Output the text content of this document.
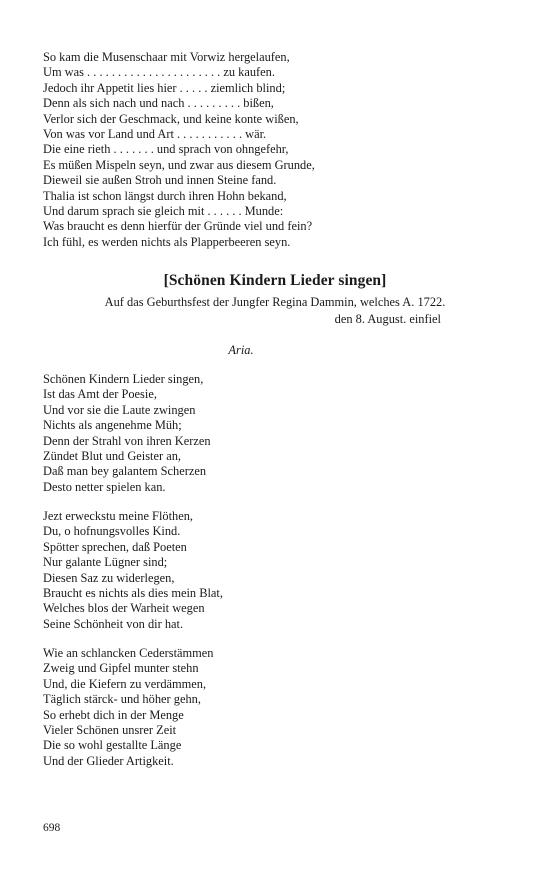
So kam die Musenschaar mit Vorwiz hergelaufen,
Um was . . . . . . . . . . . . . . . . . . . . . . zu kaufen.
Jedoch ihr Appetit lies hier . . . . . ziemlich blind;
Denn als sich nach und nach . . . . . . . . . bißen,
Verlor sich der Geschmack, und keine konte wißen,
Von was vor Land und Art . . . . . . . . . . . wär.
Die eine rieth . . . . . . . und sprach von ohngefehr,
Es müßen Mispeln seyn, und zwar aus diesem Grunde,
Dieweil sie außen Stroh und innen Steine fand.
Thalia ist schon längst durch ihren Hohn bekand,
Und darum sprach sie gleich mit . . . . . . Munde:
Was braucht es denn hierfür der Gründe viel und fein?
Ich fühl, es werden nichts als Plapperbeeren seyn.
[Schönen Kindern Lieder singen]
Auf das Geburthsfest der Jungfer Regina Dammin, welches A. 1722.
den 8. August. einfiel
Aria.
Schönen Kindern Lieder singen,
Ist das Amt der Poesie,
Und vor sie die Laute zwingen
Nichts als angenehme Müh;
Denn der Strahl von ihren Kerzen
Zündet Blut und Geister an,
Daß man bey galantem Scherzen
Desto netter spielen kan.
Jezt erweckstu meine Flöthen,
Du, o hofnungsvolles Kind.
Spötter sprechen, daß Poeten
Nur galante Lügner sind;
Diesen Saz zu widerlegen,
Braucht es nichts als dies mein Blat,
Welches blos der Warheit wegen
Seine Schönheit von dir hat.
Wie an schlancken Cederstämmen
Zweig und Gipfel munter stehn
Und, die Kiefern zu verdämmen,
Täglich stärck- und höher gehn,
So erhebt dich in der Menge
Vieler Schönen unsrer Zeit
Die so wohl gestallte Länge
Und der Glieder Artigkeit.
698
